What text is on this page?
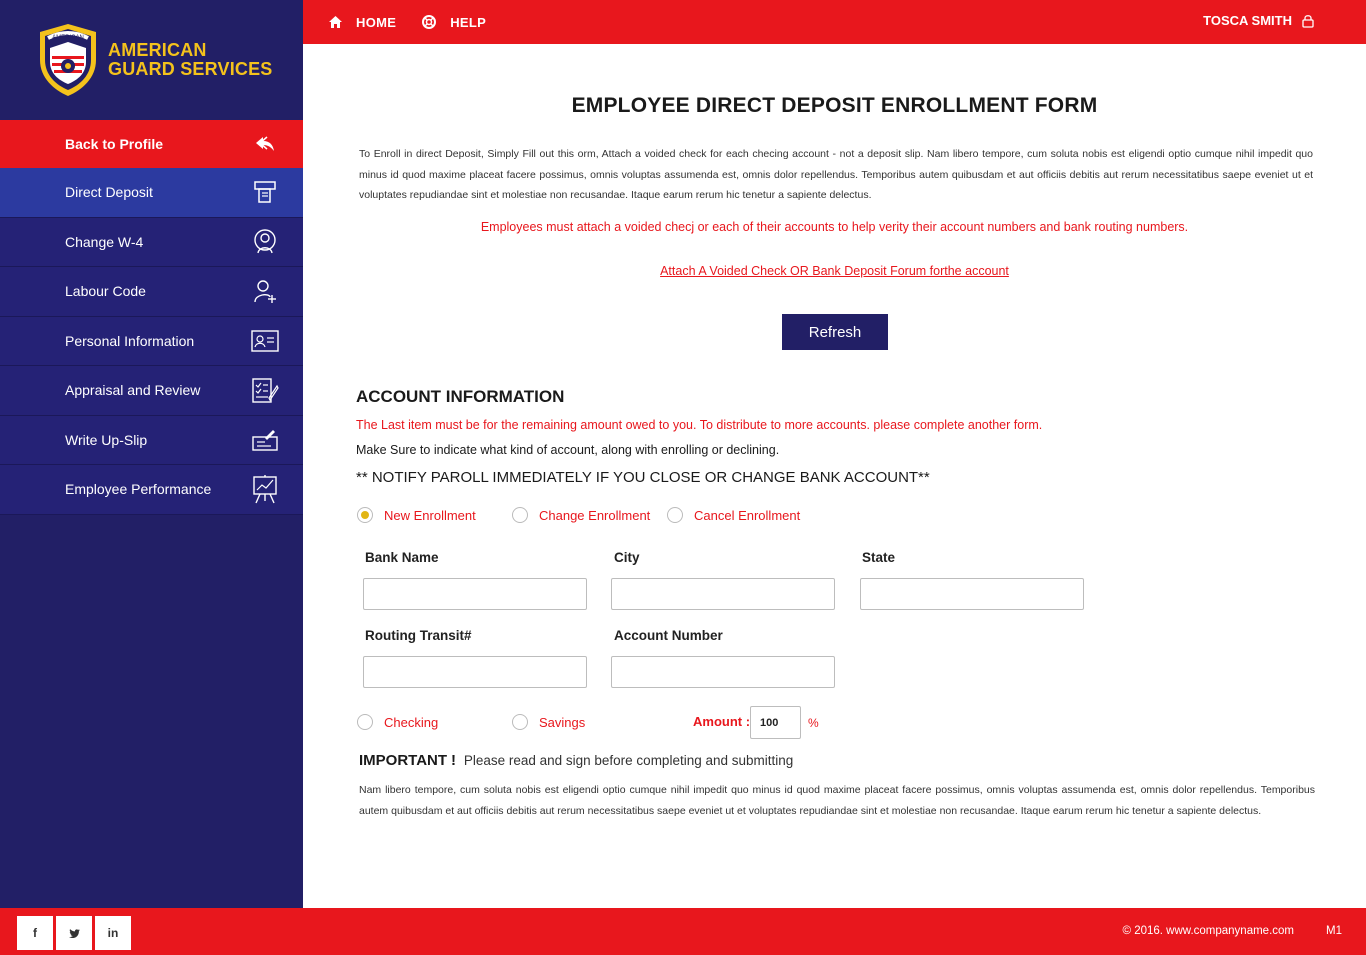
AMERICAN
AMERICAN
GUARD SERVICES
Back to Profile
Direct Deposit
Change W-4
Labour Code
Personal Information
Appraisal and Review
Write Up-Slip
Employee Performance
HOME	HELP	TOSCA SMITH
EMPLOYEE DIRECT DEPOSIT ENROLLMENT FORM

To Enroll in direct Deposit, Simply Fill out this orm, Attach a voided check for each checing account - not a deposit slip. Nam libero tempore, cum soluta nobis est eligendi optio cumque nihil impedit quo minus id quod maxime placeat facere possimus, omnis voluptas assumenda est, omnis dolor repellendus. Temporibus autem quibusdam et aut officiis debitis aut rerum necessitatibus saepe eveniet ut et voluptates repudiandae sint et molestiae non recusandae. Itaque earum rerum hic tenetur a sapiente delectus.

Employees must attach a voided checj or each of their accounts to help verity their account numbers and bank routing numbers.
Attach A Voided Check OR Bank Deposit Forum forthe account
Refresh
ACCOUNT INFORMATION
The Last item must be for the remaining amount owed to you. To distribute to more accounts. please complete another form.
Make Sure to indicate what kind of account, along with enrolling or declining.
** NOTIFY PAROLL IMMEDIATELY IF YOU CLOSE OR CHANGE BANK ACCOUNT**
New Enrollment	Change Enrollment	Cancel Enrollment
Bank Name	City	State
Routing Transit#	Account Number
Checking	Savings	Amount : 100	%
IMPORTANT ! Please read and sign before completing and submitting

Nam libero tempore, cum soluta nobis est eligendi optio cumque nihil impedit quo minus id quod maxime placeat facere possimus, omnis voluptas assumenda est, omnis dolor repellendus. Temporibus autem quibusdam et aut officiis debitis aut rerum necessitatibus saepe eveniet ut et voluptates repudiandae sint et molestiae non recusandae. Itaque earum rerum hic tenetur a sapiente delectus.

f	in	© 2016. www.companyname.com	M1
